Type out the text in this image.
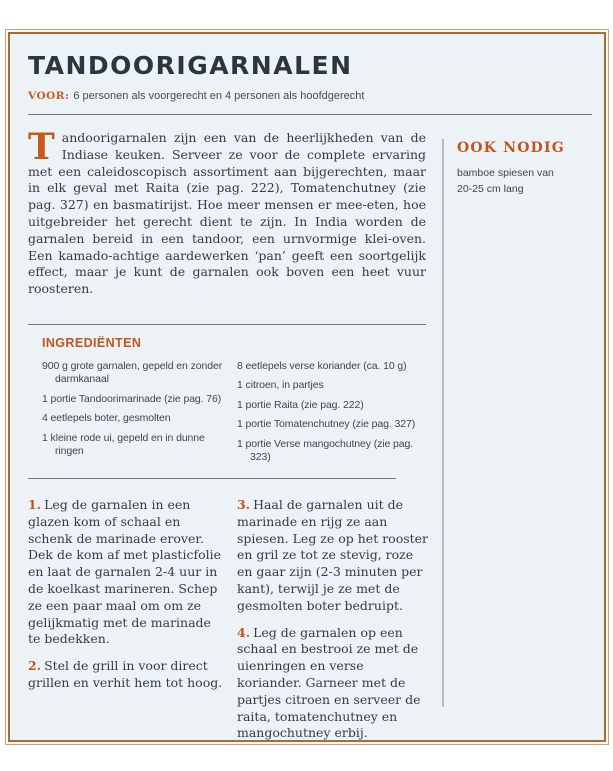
TANDOORIGARNALEN
VOOR: 6 personen als voorgerecht en 4 personen als hoofdgerecht

Tandoorigarnalen zijn een van de heerlijkheden van de Indiase keuken. Serveer ze voor de complete ervaring met een caleidoscopisch assortiment aan bijgerechten, maar in elk geval met Raita (zie pag. 222), Tomatenchutney (zie pag. 327) en basmatirijst. Hoe meer mensen er mee-eten, hoe uitgebreider het gerecht dient te zijn. In India worden de garnalen bereid in een tandoor, een urnvormige klei-oven. Een kamado-achtige aardewerken ‘pan’ geeft een soortgelijk effect, maar je kunt de garnalen ook boven een heet vuur roosteren.

INGREDIËNTEN
900 g grote garnalen, gepeld en zonder darmkanaal
1 portie Tandoorimarinade (zie pag. 76)
4 eetlepels boter, gesmolten
1 kleine rode ui, gepeld en in dunne ringen
8 eetlepels verse koriander (ca. 10 g)
1 citroen, in partjes
1 portie Raita (zie pag. 222)
1 portie Tomatenchutney (zie pag. 327)
1 portie Verse mangochutney (zie pag. 323)

1. Leg de garnalen in een glazen kom of schaal en schenk de marinade erover. Dek de kom af met plasticfolie en laat de garnalen 2-4 uur in de koelkast marineren. Schep ze een paar maal om om ze gelijkmatig met de marinade te bedekken.

2. Stel de grill in voor direct grillen en verhit hem tot hoog.

3. Haal de garnalen uit de marinade en rijg ze aan spiesen. Leg ze op het rooster en gril ze tot ze stevig, roze en gaar zijn (2-3 minuten per kant), terwijl je ze met de gesmolten boter bedruipt.

4. Leg de garnalen op een schaal en bestrooi ze met de uienringen en verse koriander. Garneer met de partjes citroen en serveer de raita, tomatenchutney en mangochutney erbij.

OOK NODIG
bamboe spiesen van 20-25 cm lang
